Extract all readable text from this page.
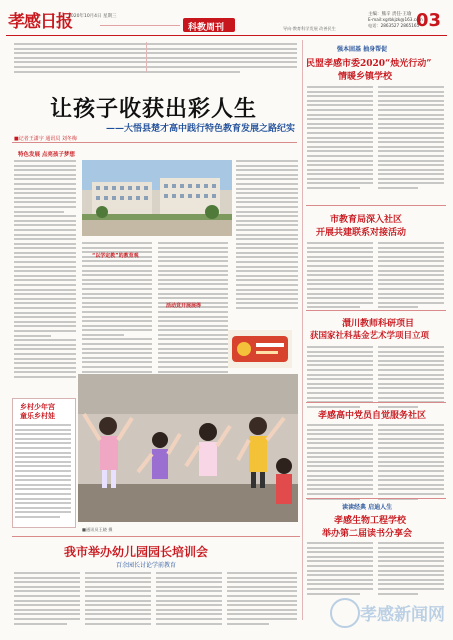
孝感日报
2020年10月4日 星期三
科教周刊
主编：熊辛 责任·王瑜
E-mail:xgrbkjzk@163.com
电话：2863527 2865165
导向·教育科学发展 改善民生	03
让孩子收获出彩人生
——大悟县楚才高中践行特色教育发展之路纪实
■记者王潇宇 通讯员 刘冬梅
特色发展 点亮孩子梦想
“以学定教”的教育观
活动竞开展展得
乡村少年宫
童乐乡村娃
■通讯员王晓 摄
强本固基 抽身帮促
民盟孝感市委2020“烛光行动”
情暖乡镇学校
市教育局深入社区
开展共建联系对接活动
澴川教师科研项目
获国家社科基金艺术学项目立项
孝感高中党员自觉服务社区
读读经典 启迪人生
孝感生物工程学校
举办第二届读书分享会
我市举办幼儿园园长培训会
百余园长讨论学前教育
孝感新闻网
